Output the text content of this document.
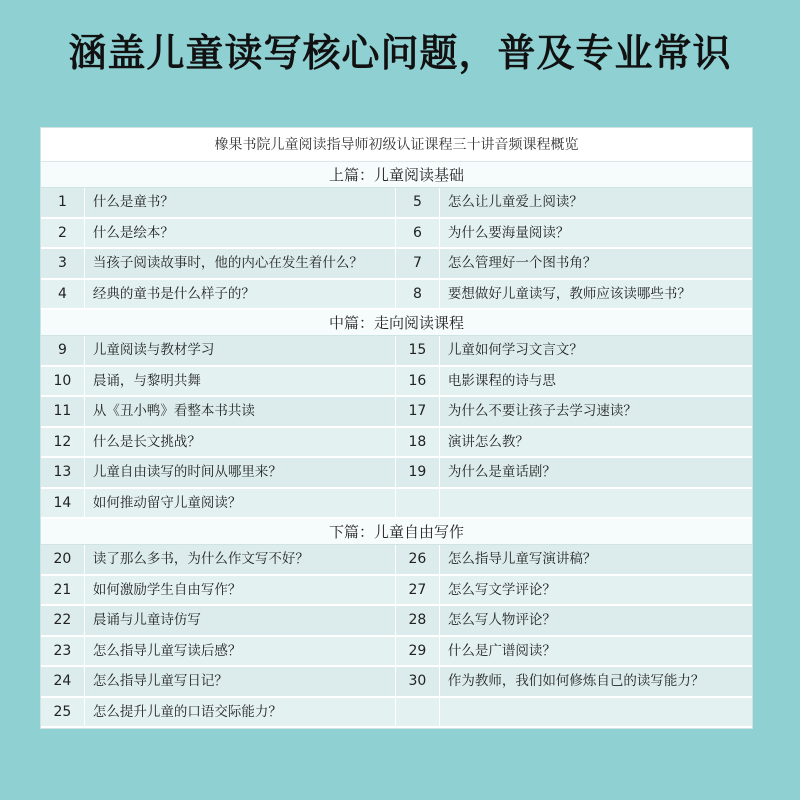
涵盖儿童读写核心问题，普及专业常识
橡果书院儿童阅读指导师初级认证课程三十讲音频课程概览
上篇：儿童阅读基础
1	什么是童书？	5	怎么让儿童爱上阅读？
2	什么是绘本？	6	为什么要海量阅读？
3	当孩子阅读故事时，他的内心在发生着什么？	7	怎么管理好一个图书角？
4	经典的童书是什么样子的？	8	要想做好儿童读写，教师应该读哪些书？
中篇：走向阅读课程
9	儿童阅读与教材学习	15	儿童如何学习文言文？
10	晨诵，与黎明共舞	16	电影课程的诗与思
11	从《丑小鸭》看整本书共读	17	为什么不要让孩子去学习速读？
12	什么是长文挑战？	18	演讲怎么教？
13	儿童自由读写的时间从哪里来？	19	为什么是童话剧？
14	如何推动留守儿童阅读？
下篇：儿童自由写作
20	读了那么多书，为什么作文写不好？	26	怎么指导儿童写演讲稿？
21	如何激励学生自由写作？	27	怎么写文学评论？
22	晨诵与儿童诗仿写	28	怎么写人物评论？
23	怎么指导儿童写读后感？	29	什么是广谱阅读？
24	怎么指导儿童写日记？	30	作为教师，我们如何修炼自己的读写能力？
25	怎么提升儿童的口语交际能力？
